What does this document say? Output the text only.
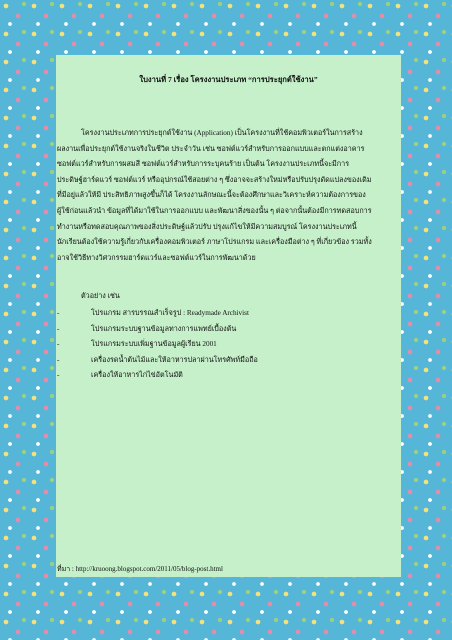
ใบงานที่ 7 เรื่อง โครงงานประเภท “การประยุกต์ใช้งาน”
โครงงานประเภทการประยุกต์ใช้งาน (Application) เป็นโครงงานที่ใช้คอมพิวเตอร์ในการสร้าง
ผลงานเพื่อประยุกต์ใช้งานจริงในชีวิต ประจำวัน เช่น ซอฟต์แวร์สำหรับการออกแบบและตกแต่งอาคาร
ซอฟต์แวร์สำหรับการผสมสี ซอฟต์แวร์สำหรับการระบุคนร้าย เป็นต้น โครงงานประเภทนี้จะมีการ
ประดิษฐ์ฮาร์ดแวร์ ซอฟต์แวร์ หรืออุปกรณ์ใช้สอยต่าง ๆ ซึ่งอาจจะสร้างใหม่หรือปรับปรุงดัดแปลงของเดิม
ที่มีอยู่แล้วให้มี ประสิทธิภาพสูงขึ้นก็ได้ โครงงานลักษณะนี้จะต้องศึกษาและวิเคราะห์ความต้องการของ
ผู้ใช้ก่อนแล้วนำ ข้อมูลที่ได้มาใช้ในการออกแบบ และพัฒนาสิ่งของนั้น ๆ ต่อจากนั้นต้องมีการทดสอบการ
ทำงานหรือทดสอบคุณภาพของสิ่งประดิษฐ์แล้วปรับ ปรุงแก้ไขให้มีความสมบูรณ์ โครงงานประเภทนี้
นักเรียนต้องใช้ความรู้เกี่ยวกับเครื่องคอมพิวเตอร์ ภาษาโปรแกรม และเครื่องมือต่าง ๆ ที่เกี่ยวข้อง รวมทั้ง
อาจใช้วิธีทางวิศวกรรมฮาร์ดแวร์และซอฟต์แวร์ในการพัฒนาด้วย
ตัวอย่าง เช่น
-	โปรแกรม สารบรรณสำเร็จรูป : Readymade Archivist
-	โปรแกรมระบบฐานข้อมูลทางการแพทย์เบื้องต้น
-	โปรแกรมระบบเพิ่มฐานข้อมูลผู้เรียน 2001
-	เครื่องรดน้ำต้นไม้และให้อาหารปลาผ่านโทรศัพท์มือถือ
-	เครื่องให้อาหารไก่ไข่อัตโนมัติ
ที่มา : http://kruoong.blogspot.com/2011/05/blog-post.html
